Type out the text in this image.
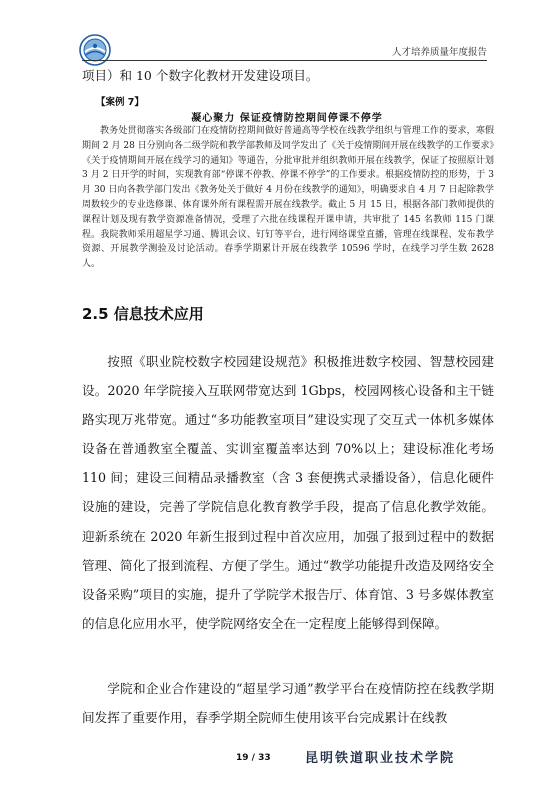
人才培养质量年度报告
项目）和 10 个数字化教材开发建设项目。
【案例 7】
凝心聚力 保证疫情防控期间停课不停学

教务处贯彻落实各级部门在疫情防控期间做好普通高等学校在线教学组织与管理工作的要求，寒假期间 2 月 28 日分别向各二级学院和教学部教师及同学发出了《关于疫情期间开展在线教学的工作要求》《关于疫情期间开展在线学习的通知》等通告，分批审批并组织教师开展在线教学，保证了按照原计划 3 月 2 日开学的时间，实现教育部“停课不停教、停课不停学”的工作要求。根据疫情防控的形势，于 3 月 30 日向各教学部门发出《教务处关于做好 4 月份在线教学的通知》，明确要求自 4 月 7 日起除教学周数较少的专业选修课、体育课外所有课程需开展在线教学。截止 5 月 15 日，根据各部门教师提供的课程计划及现有教学资源准备情况，受理了六批在线课程开课申请，共审批了 145 名教师 115 门课程。我院教师采用超星学习通、腾讯会议、钉钉等平台，进行网络课堂直播，管理在线课程、发布教学资源、开展教学测验及讨论活动。春季学期累计开展在线教学 10596 学时，在线学习学生数 2628 人。

2.5 信息技术应用

按照《职业院校数字校园建设规范》积极推进数字校园、智慧校园建设。2020 年学院接入互联网带宽达到 1Gbps，校园网核心设备和主干链路实现万兆带宽。通过“多功能教室项目”建设实现了交互式一体机多媒体设备在普通教室全覆盖、实训室覆盖率达到 70%以上；建设标准化考场 110 间；建设三间精品录播教室（含 3 套便携式录播设备），信息化硬件设施的建设，完善了学院信息化教育教学手段，提高了信息化教学效能。迎新系统在 2020 年新生报到过程中首次应用，加强了报到过程中的数据管理、简化了报到流程、方便了学生。通过“教学功能提升改造及网络安全设备采购”项目的实施，提升了学院学术报告厅、体育馆、3 号多媒体教室的信息化应用水平，使学院网络安全在一定程度上能够得到保障。

学院和企业合作建设的“超星学习通”教学平台在疫情防控在线教学期间发挥了重要作用，春季学期全院师生使用该平台完成累计在线教

19 / 33	昆明铁道职业技术学院
